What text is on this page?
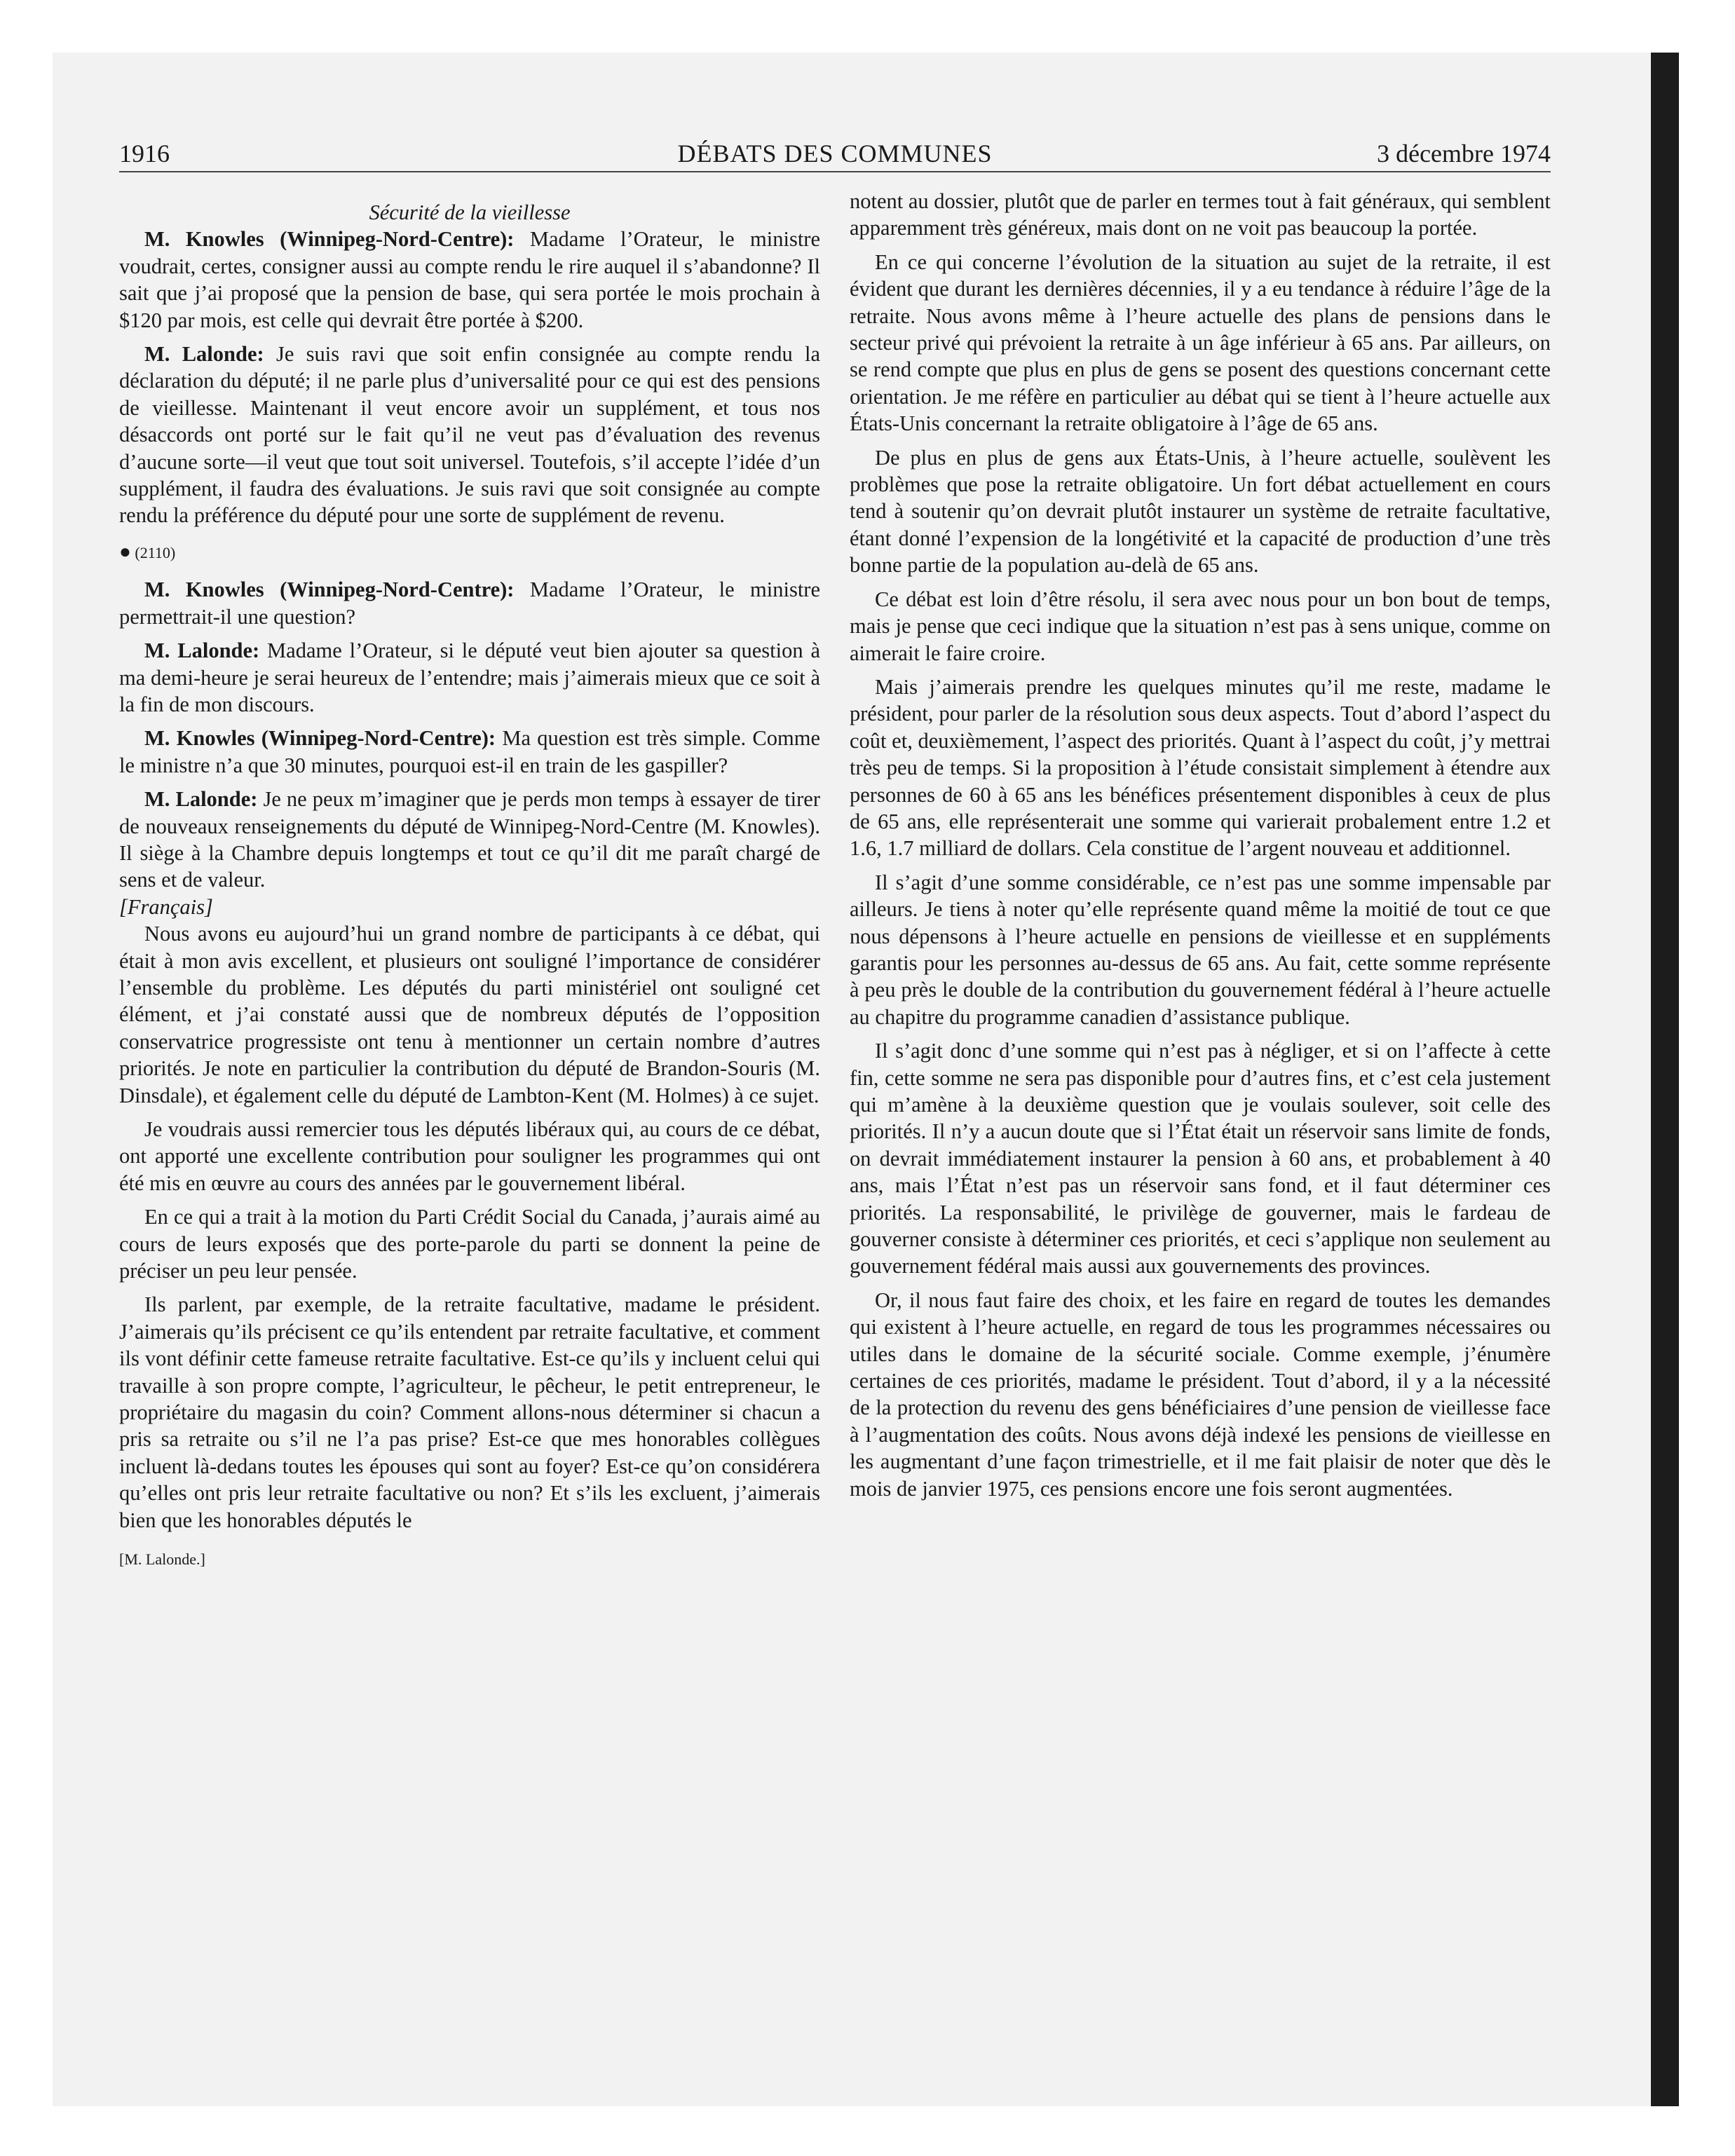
1916	DÉBATS DES COMMUNES	3 décembre 1974

Sécurité de la vieillesse

M. Knowles (Winnipeg-Nord-Centre): Madame l’Orateur, le ministre voudrait, certes, consigner aussi au compte rendu le rire auquel il s’abandonne? Il sait que j’ai proposé que la pension de base, qui sera portée le mois prochain à $120 par mois, est celle qui devrait être portée à $200.

M. Lalonde: Je suis ravi que soit enfin consignée au compte rendu la déclaration du député; il ne parle plus d’universalité pour ce qui est des pensions de vieillesse. Maintenant il veut encore avoir un supplément, et tous nos désaccords ont porté sur le fait qu’il ne veut pas d’évaluation des revenus d’aucune sorte—il veut que tout soit universel. Toutefois, s’il accepte l’idée d’un supplément, il faudra des évaluations. Je suis ravi que soit consignée au compte rendu la préférence du député pour une sorte de supplément de revenu.

● (2110)

M. Knowles (Winnipeg-Nord-Centre): Madame l’Orateur, le ministre permettrait-il une question?

M. Lalonde: Madame l’Orateur, si le député veut bien ajouter sa question à ma demi-heure je serai heureux de l’entendre; mais j’aimerais mieux que ce soit à la fin de mon discours.

M. Knowles (Winnipeg-Nord-Centre): Ma question est très simple. Comme le ministre n’a que 30 minutes, pourquoi est-il en train de les gaspiller?

M. Lalonde: Je ne peux m’imaginer que je perds mon temps à essayer de tirer de nouveaux renseignements du député de Winnipeg-Nord-Centre (M. Knowles). Il siège à la Chambre depuis longtemps et tout ce qu’il dit me paraît chargé de sens et de valeur.

[Français]

Nous avons eu aujourd’hui un grand nombre de participants à ce débat, qui était à mon avis excellent, et plusieurs ont souligné l’importance de considérer l’ensemble du problème. Les députés du parti ministériel ont souligné cet élément, et j’ai constaté aussi que de nombreux députés de l’opposition conservatrice progressiste ont tenu à mentionner un certain nombre d’autres priorités. Je note en particulier la contribution du député de Brandon-Souris (M. Dinsdale), et également celle du député de Lambton-Kent (M. Holmes) à ce sujet.

Je voudrais aussi remercier tous les députés libéraux qui, au cours de ce débat, ont apporté une excellente contribution pour souligner les programmes qui ont été mis en œuvre au cours des années par le gouvernement libéral.

En ce qui a trait à la motion du Parti Crédit Social du Canada, j’aurais aimé au cours de leurs exposés que des porte-parole du parti se donnent la peine de préciser un peu leur pensée.

Ils parlent, par exemple, de la retraite facultative, madame le président. J’aimerais qu’ils précisent ce qu’ils entendent par retraite facultative, et comment ils vont définir cette fameuse retraite facultative. Est-ce qu’ils y incluent celui qui travaille à son propre compte, l’agriculteur, le pêcheur, le petit entrepreneur, le propriétaire du magasin du coin? Comment allons-nous déterminer si chacun a pris sa retraite ou s’il ne l’a pas prise? Est-ce que mes honorables collègues incluent là-dedans toutes les épouses qui sont au foyer? Est-ce qu’on considérera qu’elles ont pris leur retraite facultative ou non? Et s’ils les excluent, j’aimerais bien que les honorables députés le

[M. Lalonde.]

notent au dossier, plutôt que de parler en termes tout à fait généraux, qui semblent apparemment très généreux, mais dont on ne voit pas beaucoup la portée.

En ce qui concerne l’évolution de la situation au sujet de la retraite, il est évident que durant les dernières décennies, il y a eu tendance à réduire l’âge de la retraite. Nous avons même à l’heure actuelle des plans de pensions dans le secteur privé qui prévoient la retraite à un âge inférieur à 65 ans. Par ailleurs, on se rend compte que plus en plus de gens se posent des questions concernant cette orientation. Je me réfère en particulier au débat qui se tient à l’heure actuelle aux États-Unis concernant la retraite obligatoire à l’âge de 65 ans.

De plus en plus de gens aux États-Unis, à l’heure actuelle, soulèvent les problèmes que pose la retraite obligatoire. Un fort débat actuellement en cours tend à soutenir qu’on devrait plutôt instaurer un système de retraite facultative, étant donné l’expension de la longétivité et la capacité de production d’une très bonne partie de la population au-delà de 65 ans.

Ce débat est loin d’être résolu, il sera avec nous pour un bon bout de temps, mais je pense que ceci indique que la situation n’est pas à sens unique, comme on aimerait le faire croire.

Mais j’aimerais prendre les quelques minutes qu’il me reste, madame le président, pour parler de la résolution sous deux aspects. Tout d’abord l’aspect du coût et, deuxièmement, l’aspect des priorités. Quant à l’aspect du coût, j’y mettrai très peu de temps. Si la proposition à l’étude consistait simplement à étendre aux personnes de 60 à 65 ans les bénéfices présentement disponibles à ceux de plus de 65 ans, elle représenterait une somme qui varierait probalement entre 1.2 et 1.6, 1.7 milliard de dollars. Cela constitue de l’argent nouveau et additionnel.

Il s’agit d’une somme considérable, ce n’est pas une somme impensable par ailleurs. Je tiens à noter qu’elle représente quand même la moitié de tout ce que nous dépensons à l’heure actuelle en pensions de vieillesse et en suppléments garantis pour les personnes au-dessus de 65 ans. Au fait, cette somme représente à peu près le double de la contribution du gouvernement fédéral à l’heure actuelle au chapitre du programme canadien d’assistance publique.

Il s’agit donc d’une somme qui n’est pas à négliger, et si on l’affecte à cette fin, cette somme ne sera pas disponible pour d’autres fins, et c’est cela justement qui m’amène à la deuxième question que je voulais soulever, soit celle des priorités. Il n’y a aucun doute que si l’État était un réservoir sans limite de fonds, on devrait immédiatement instaurer la pension à 60 ans, et probablement à 40 ans, mais l’État n’est pas un réservoir sans fond, et il faut déterminer ces priorités. La responsabilité, le privilège de gouverner, mais le fardeau de gouverner consiste à déterminer ces priorités, et ceci s’applique non seulement au gouvernement fédéral mais aussi aux gouvernements des provinces.

Or, il nous faut faire des choix, et les faire en regard de toutes les demandes qui existent à l’heure actuelle, en regard de tous les programmes nécessaires ou utiles dans le domaine de la sécurité sociale. Comme exemple, j’énumère certaines de ces priorités, madame le président. Tout d’abord, il y a la nécessité de la protection du revenu des gens bénéficiaires d’une pension de vieillesse face à l’augmentation des coûts. Nous avons déjà indexé les pensions de vieillesse en les augmentant d’une façon trimestrielle, et il me fait plaisir de noter que dès le mois de janvier 1975, ces pensions encore une fois seront augmentées.
